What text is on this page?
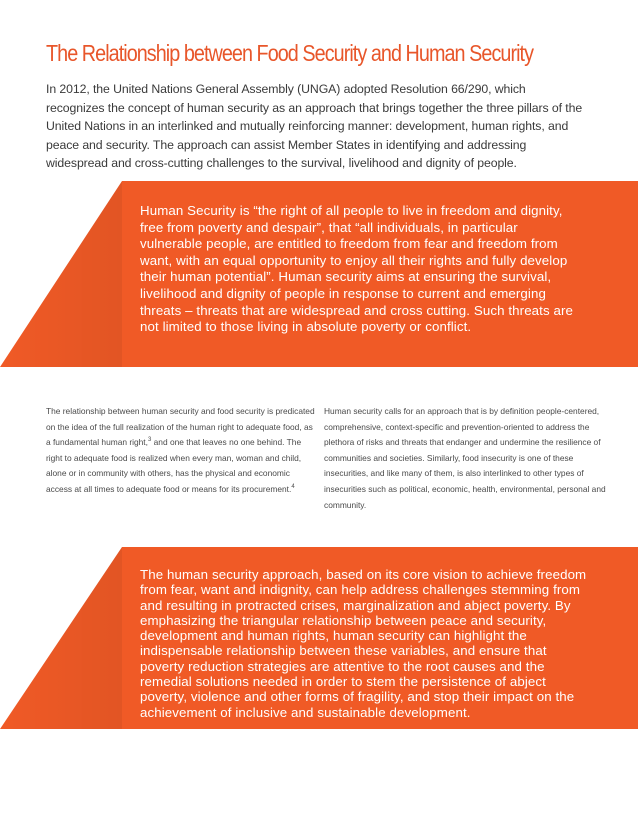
The Relationship between Food Security and Human Security

In 2012, the United Nations General Assembly (UNGA) adopted Resolution 66/290, which recognizes the concept of human security as an approach that brings together the three pillars of the United Nations in an interlinked and mutually reinforcing manner: development, human rights, and peace and security. The approach can assist Member States in identifying and addressing widespread and cross-cutting challenges to the survival, livelihood and dignity of people.

Human Security is “the right of all people to live in freedom and dignity, free from poverty and despair”, that “all individuals, in particular vulnerable people, are entitled to freedom from fear and freedom from want, with an equal opportunity to enjoy all their rights and fully develop their human potential”. Human security aims at ensuring the survival, livelihood and dignity of people in response to current and emerging threats – threats that are widespread and cross cutting. Such threats are not limited to those living in absolute poverty or conflict.

The relationship between human security and food security is predicated on the idea of the full realization of the human right to adequate food, as a fundamental human right,$^3$ and one that leaves no one behind. The right to adequate food is realized when every man, woman and child, alone or in community with others, has the physical and economic access at all times to adequate food or means for its procurement.$^4$

Human security calls for an approach that is by definition people-centered, comprehensive, context-specific and prevention-oriented to address the plethora of risks and threats that endanger and undermine the resilience of communities and societies. Similarly, food insecurity is one of these insecurities, and like many of them, is also interlinked to other types of insecurities such as political, economic, health, environmental, personal and community.

The human security approach, based on its core vision to achieve freedom from fear, want and indignity, can help address challenges stemming from and resulting in protracted crises, marginalization and abject poverty. By emphasizing the triangular relationship between peace and security, development and human rights, human security can highlight the indispensable relationship between these variables, and ensure that poverty reduction strategies are attentive to the root causes and the remedial solutions needed in order to stem the persistence of abject poverty, violence and other forms of fragility, and stop their impact on the achievement of inclusive and sustainable development.
